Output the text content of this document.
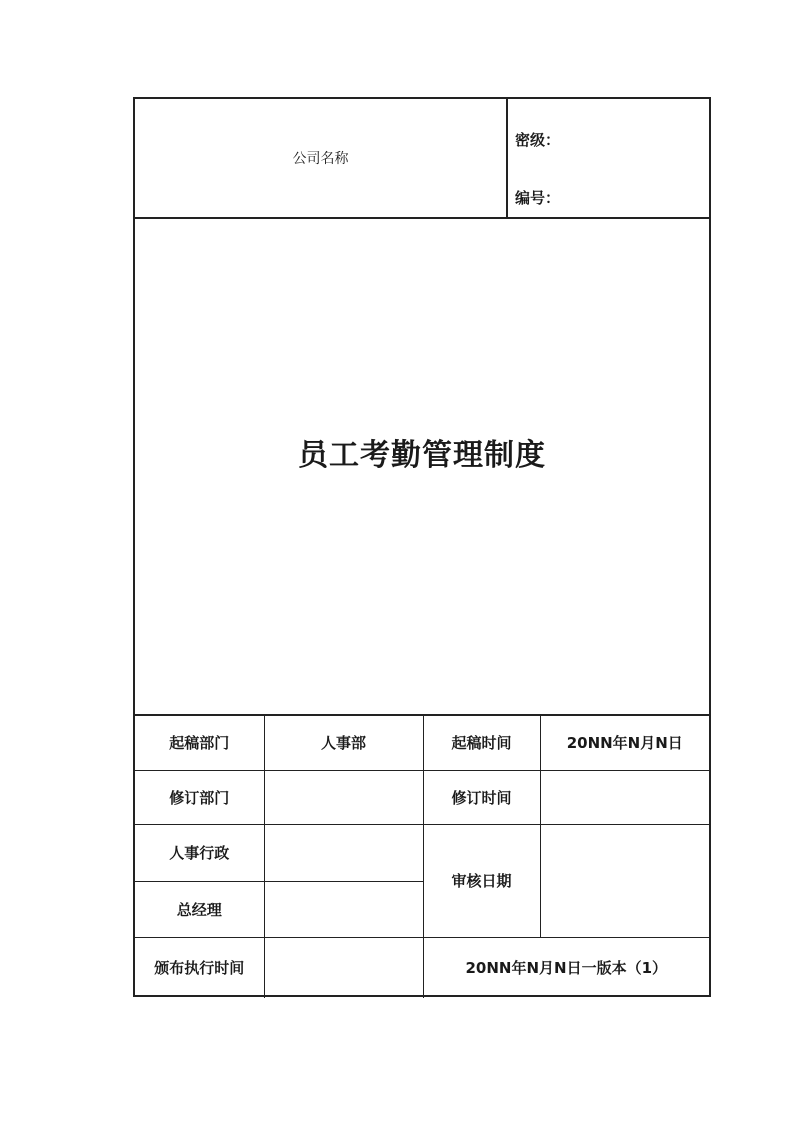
公司名称
密级：
编号：
员工考勤管理制度
起稿部门	人事部	起稿时间	20NN年N月N日
修订部门		修订时间	
人事行政		审核日期	
总经理			
颁布执行时间		20NN年N月N日一版本（1）	
